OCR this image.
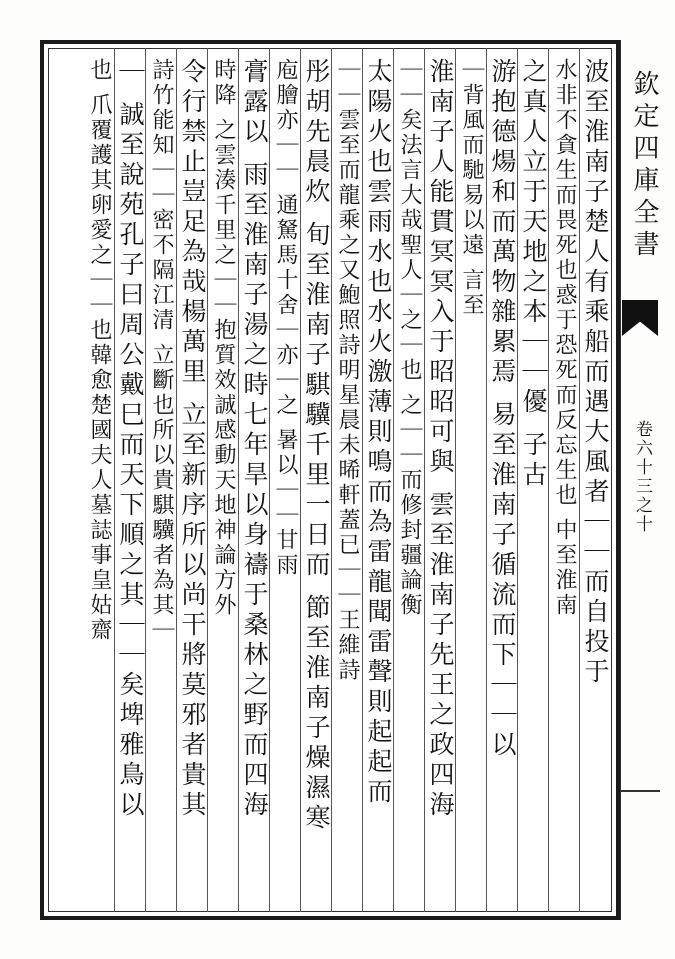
欽定四庫全書
卷六十三之十
波至淮南子楚人有乘船而遇大風者｜｜而自投于
水非不貪生而畏死也惑于恐死而反忘生也 中至淮南
之真人立于天地之本｜｜優 子古
游抱德煬和而萬物雜累焉 易至淮南子循流而下｜｜以
｜背風而馳易以遠 言至
淮南子人能貫冥冥入于昭昭可與 雲至淮南子先王之政四海
｜｜矣法言大哉聖人｜之｜也 之｜｜而修封疆論衡
太陽火也雲雨水也水火激薄則鳴而為雷龍聞雷聲則起起而
｜｜雲至而龍乘之又鮑照詩明星晨未晞軒蓋已｜｜王維詩
彤胡先晨炊 旬至淮南子騏驥千里一日而 節至淮南子燥濕寒
庖膾亦｜｜ 通駑馬十舍｜亦｜之 暑以｜｜甘雨
膏露以 雨至淮南子湯之時七年旱以身禱于桑林之野而四海
時降 之雲湊千里之｜｜抱質效誠感動天地神論方外
令行禁止豈足為哉楊萬里 立至新序所以尚干將莫邪者貴其
詩竹能知｜｜密不隔江清 立斷也所以貴騏驥者為其｜
｜ 誠至說苑孔子曰周公戴巳而天下順之其｜｜矣埤雅鳥以
也 爪覆護其卵愛之｜｜也韓愈楚國夫人墓誌事皇姑齋
